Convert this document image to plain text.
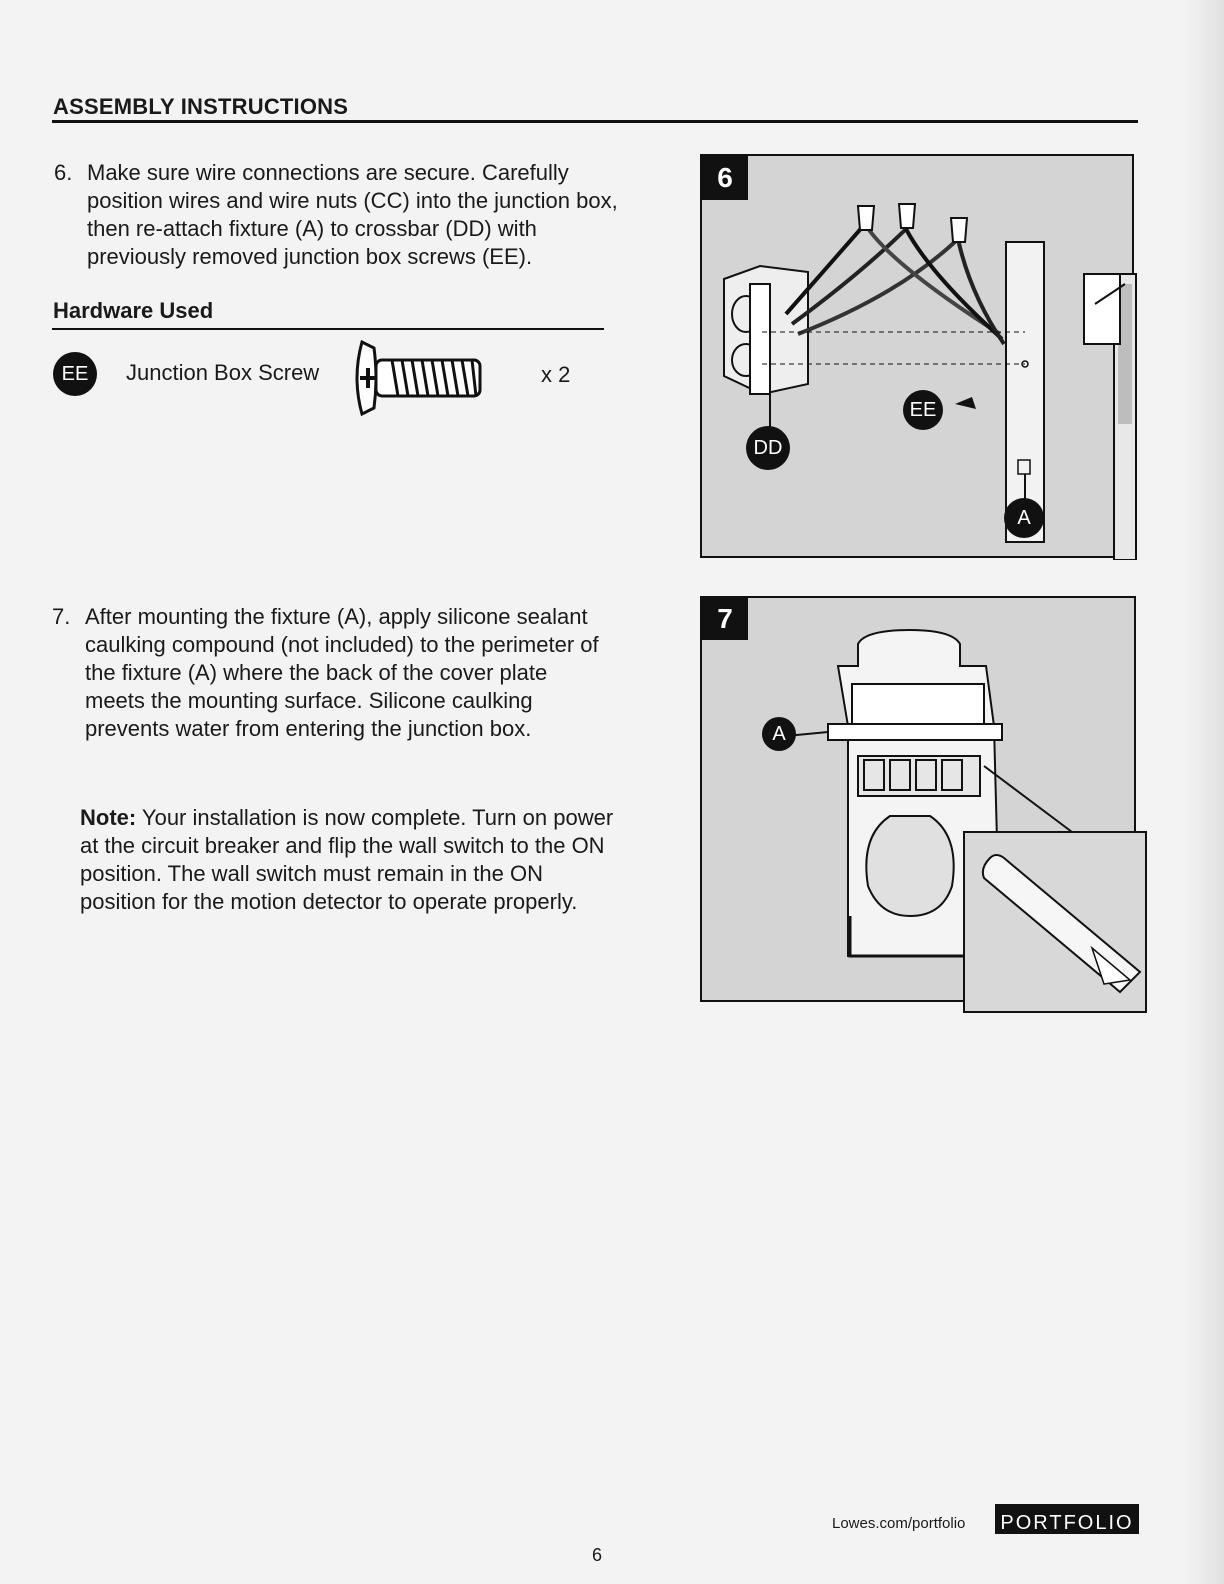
ASSEMBLY INSTRUCTIONS
6. Make sure wire connections are secure. Carefully position wires and wire nuts (CC) into the junction box, then re-attach fixture (A) to crossbar (DD) with previously removed junction box screws (EE).
Hardware Used
EE	Junction Box Screw	x 2
7. After mounting the fixture (A), apply silicone sealant caulking compound (not included) to the perimeter of the fixture (A) where the back of the cover plate meets the mounting surface. Silicone caulking prevents water from entering the junction box.
Note: Your installation is now complete. Turn on power at the circuit breaker and flip the wall switch to the ON position. The wall switch must remain in the ON position for the motion detector to operate properly.
6
EE
DD
A
7
A
Lowes.com/portfolio PORTFOLIO
6
